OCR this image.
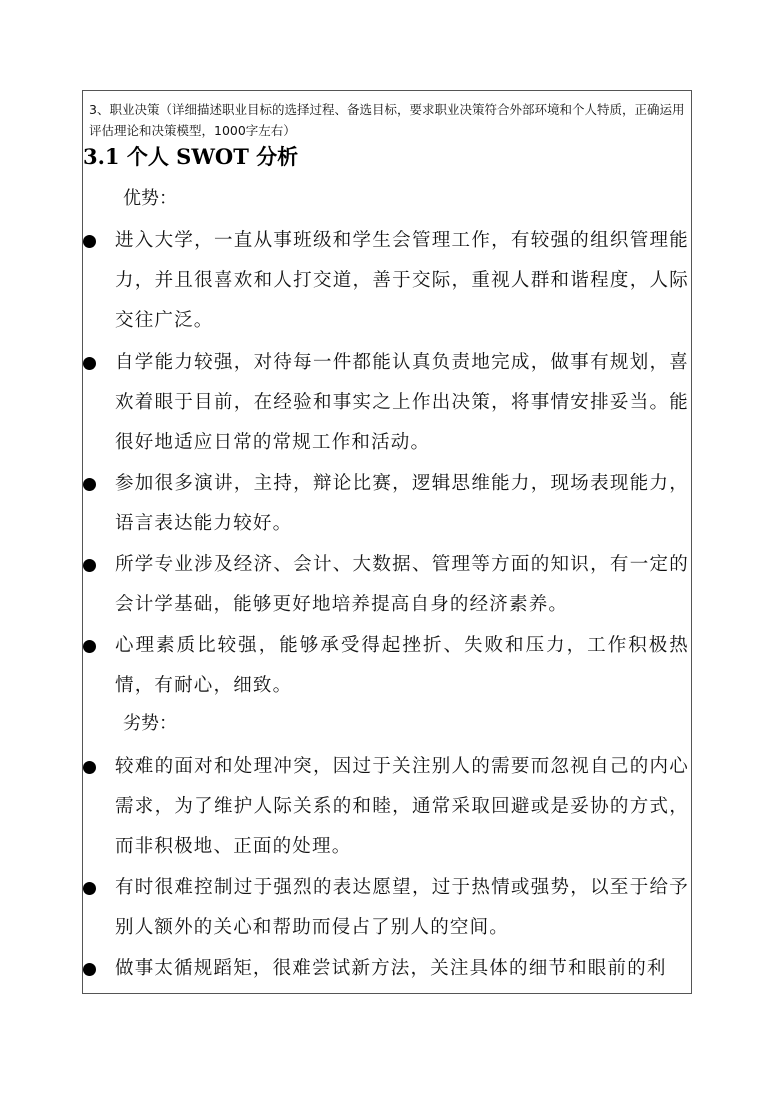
3、职业决策（详细描述职业目标的选择过程、备选目标，要求职业决策符合外部环境和个人特质，正确运用评估理论和决策模型，1000字左右）
3.1 个人 SWOT 分析
优势：
进入大学，一直从事班级和学生会管理工作，有较强的组织管理能力，并且很喜欢和人打交道，善于交际，重视人群和谐程度，人际交往广泛。
自学能力较强，对待每一件都能认真负责地完成，做事有规划，喜欢着眼于目前，在经验和事实之上作出决策，将事情安排妥当。能很好地适应日常的常规工作和活动。
参加很多演讲，主持，辩论比赛，逻辑思维能力，现场表现能力，语言表达能力较好。
所学专业涉及经济、会计、大数据、管理等方面的知识，有一定的会计学基础，能够更好地培养提高自身的经济素养。
心理素质比较强，能够承受得起挫折、失败和压力，工作积极热情，有耐心，细致。
劣势：
较难的面对和处理冲突，因过于关注别人的需要而忽视自己的内心需求，为了维护人际关系的和睦，通常采取回避或是妥协的方式，而非积极地、正面的处理。
有时很难控制过于强烈的表达愿望，过于热情或强势，以至于给予别人额外的关心和帮助而侵占了别人的空间。
做事太循规蹈矩，很难尝试新方法，关注具体的细节和眼前的利
